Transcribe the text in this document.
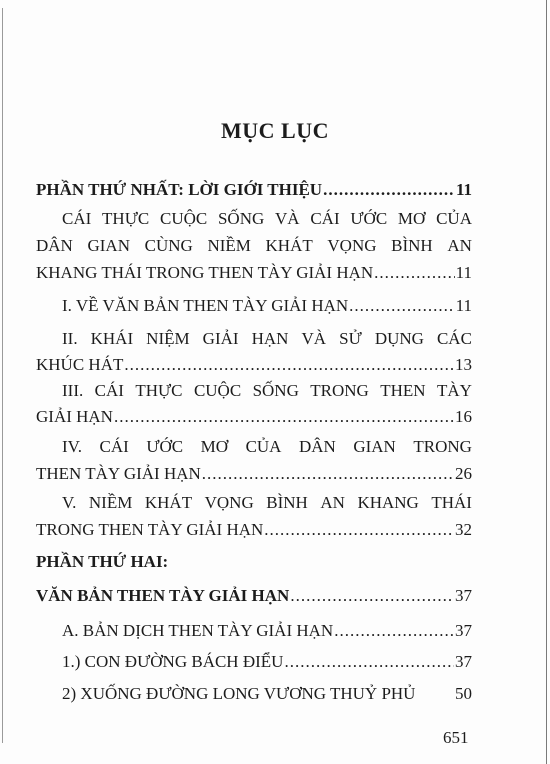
MỤC LỤC
PHẦN THỨ NHẤT: LỜI GIỚI THIỆU .....	11
CÁI THỰC CUỘC SỐNG VÀ CÁI ƯỚC MƠ CỦA
DÂN GIAN CÙNG NIỀM KHÁT VỌNG BÌNH AN
KHANG THÁI TRONG THEN TÀY GIẢI HẠN .....	11
I. VỀ VĂN BẢN THEN TÀY GIẢI HẠN .....	11
II. KHÁI NIỆM GIẢI HẠN VÀ SỬ DỤNG CÁC
KHÚC HÁT .....	13
III. CÁI THỰC CUỘC SỐNG TRONG THEN TÀY
GIẢI HẠN .....	16
IV. CÁI ƯỚC MƠ CỦA DÂN GIAN TRONG
THEN TÀY GIẢI HẠN .....	26
V. NIỀM KHÁT VỌNG BÌNH AN KHANG THÁI
TRONG THEN TÀY GIẢI HẠN .....	32
PHẦN THỨ HAI:
VĂN BẢN THEN TÀY GIẢI HẠN .....	37
A. BẢN DỊCH THEN TÀY GIẢI HẠN .....	37
1.) CON ĐƯỜNG BÁCH ĐIỂU .....	37
2) XUỐNG ĐƯỜNG LONG VƯƠNG THUỶ PHỦ 50
651
